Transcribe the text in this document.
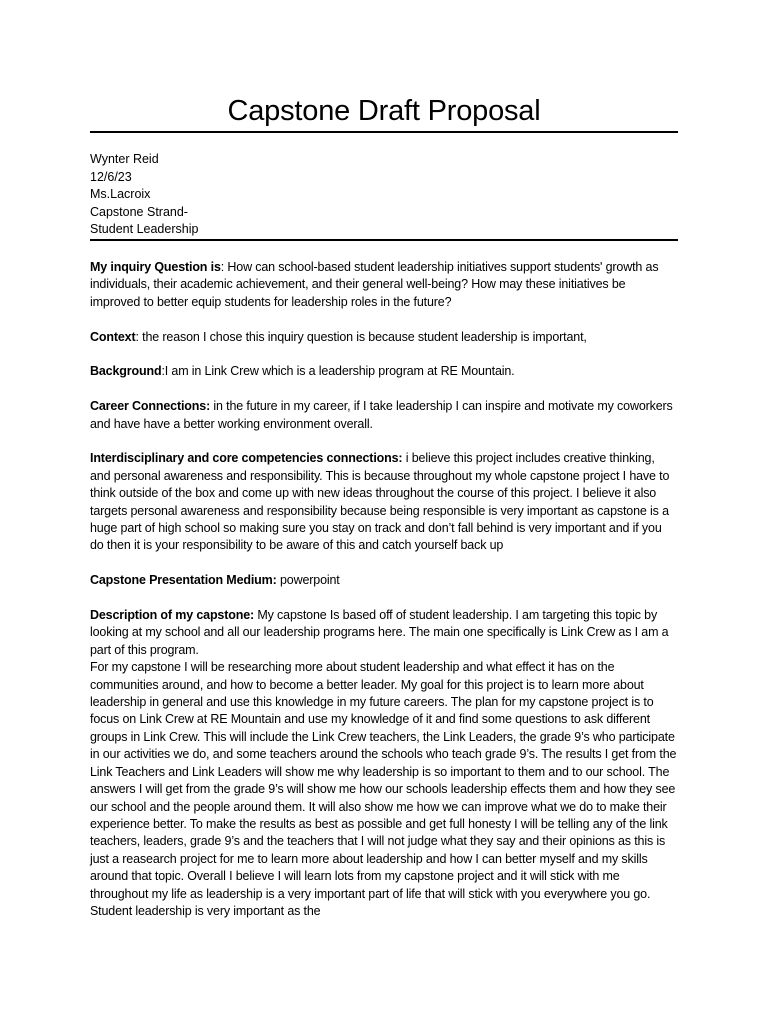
Capstone Draft Proposal
Wynter Reid
12/6/23
Ms.Lacroix
Capstone Strand-
Student Leadership

My inquiry Question is: How can school-based student leadership initiatives support students' growth as individuals, their academic achievement, and their general well-being? How may these initiatives be improved to better equip students for leadership roles in the future?

Context: the reason I chose this inquiry question is because student leadership is important,

Background:I am in Link Crew which is a leadership program at RE Mountain.

Career Connections: in the future in my career, if I take leadership I can inspire and motivate my coworkers and have have a better working environment overall.

Interdisciplinary and core competencies connections: i believe this project includes creative thinking, and personal awareness and responsibility. This is because throughout my whole capstone project I have to think outside of the box and come up with new ideas throughout the course of this project. I believe it also targets personal awareness and responsibility because being responsible is very important as capstone is a huge part of high school so making sure you stay on track and don’t fall behind is very important and if you do then it is your responsibility to be aware of this and catch yourself back up

Capstone Presentation Medium: powerpoint

Description of my capstone: My capstone Is based off of student leadership. I am targeting this topic by looking at my school and all our leadership programs here. The main one specifically is Link Crew as I am a part of this program.

For my capstone I will be researching more about student leadership and what effect it has on the communities around, and how to become a better leader. My goal for this project is to learn more about leadership in general and use this knowledge in my future careers. The plan for my capstone project is to focus on Link Crew at RE Mountain and use my knowledge of it and find some questions to ask different groups in Link Crew. This will include the Link Crew teachers, the Link Leaders, the grade 9’s who participate in our activities we do, and some teachers around the schools who teach grade 9’s. The results I get from the Link Teachers and Link Leaders will show me why leadership is so important to them and to our school. The answers I will get from the grade 9’s will show me how our schools leadership effects them and how they see our school and the people around them. It will also show me how we can improve what we do to make their experience better. To make the results as best as possible and get full honesty I will be telling any of the link teachers, leaders, grade 9’s and the teachers that I will not judge what they say and their opinions as this is just a reasearch project for me to learn more about leadership and how I can better myself and my skills around that topic. Overall I believe I will learn lots from my capstone project and it will stick with me throughout my life as leadership is a very important part of life that will stick with you everywhere you go. Student leadership is very important as the
